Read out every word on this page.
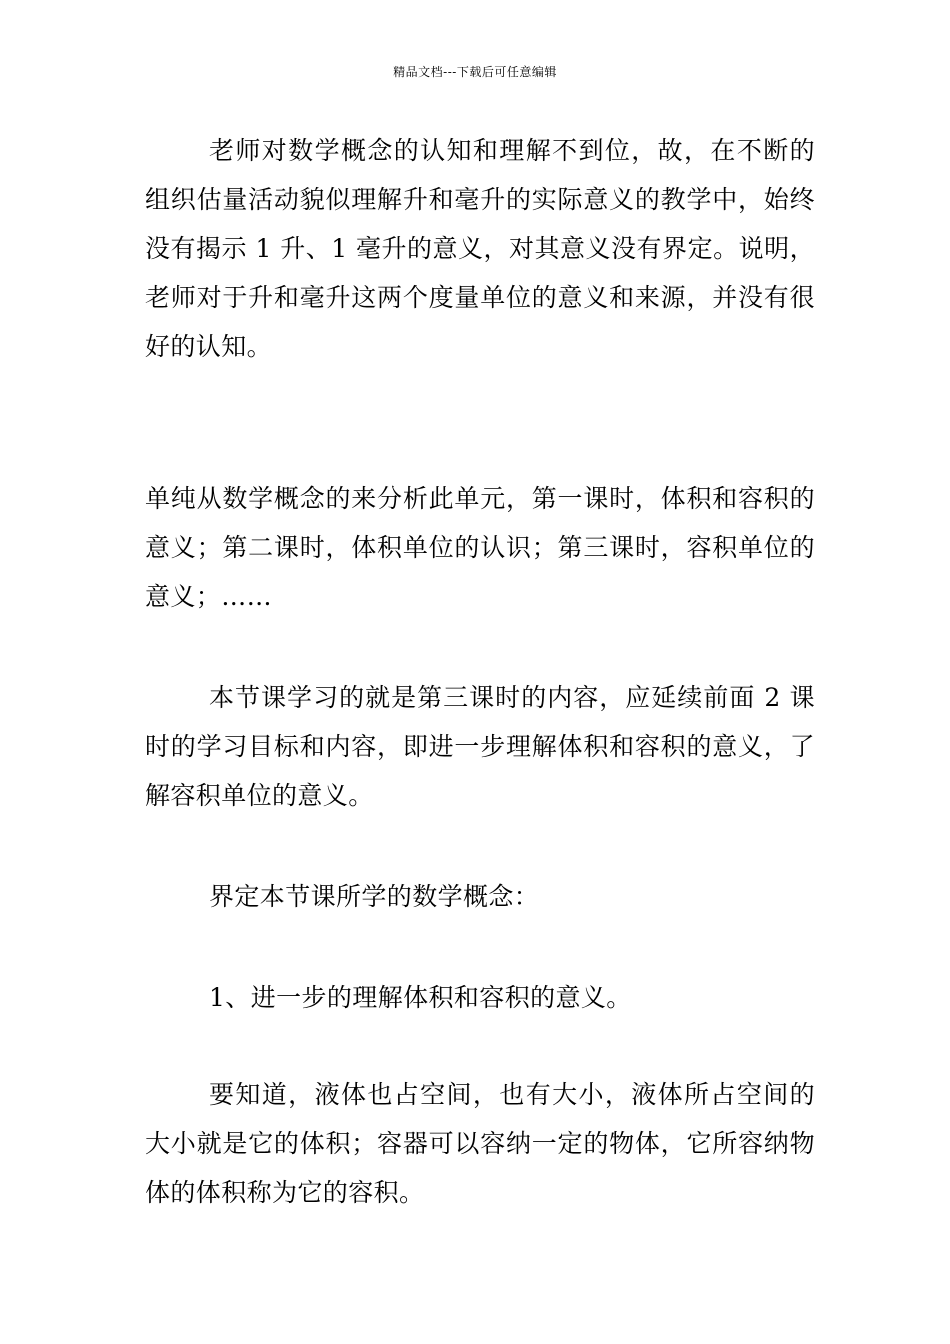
精品文档---下载后可任意编辑

老师对数学概念的认知和理解不到位，故，在不断的组织估量活动貌似理解升和毫升的实际意义的教学中，始终没有揭示 1 升、1 毫升的意义，对其意义没有界定。说明，老师对于升和毫升这两个度量单位的意义和来源，并没有很好的认知。

单纯从数学概念的来分析此单元，第一课时，体积和容积的意义；第二课时，体积单位的认识；第三课时，容积单位的意义；……

本节课学习的就是第三课时的内容，应延续前面 2 课时的学习目标和内容，即进一步理解体积和容积的意义，了解容积单位的意义。

界定本节课所学的数学概念：

1、进一步的理解体积和容积的意义。

要知道，液体也占空间，也有大小，液体所占空间的大小就是它的体积；容器可以容纳一定的物体，它所容纳物体的体积称为它的容积。
